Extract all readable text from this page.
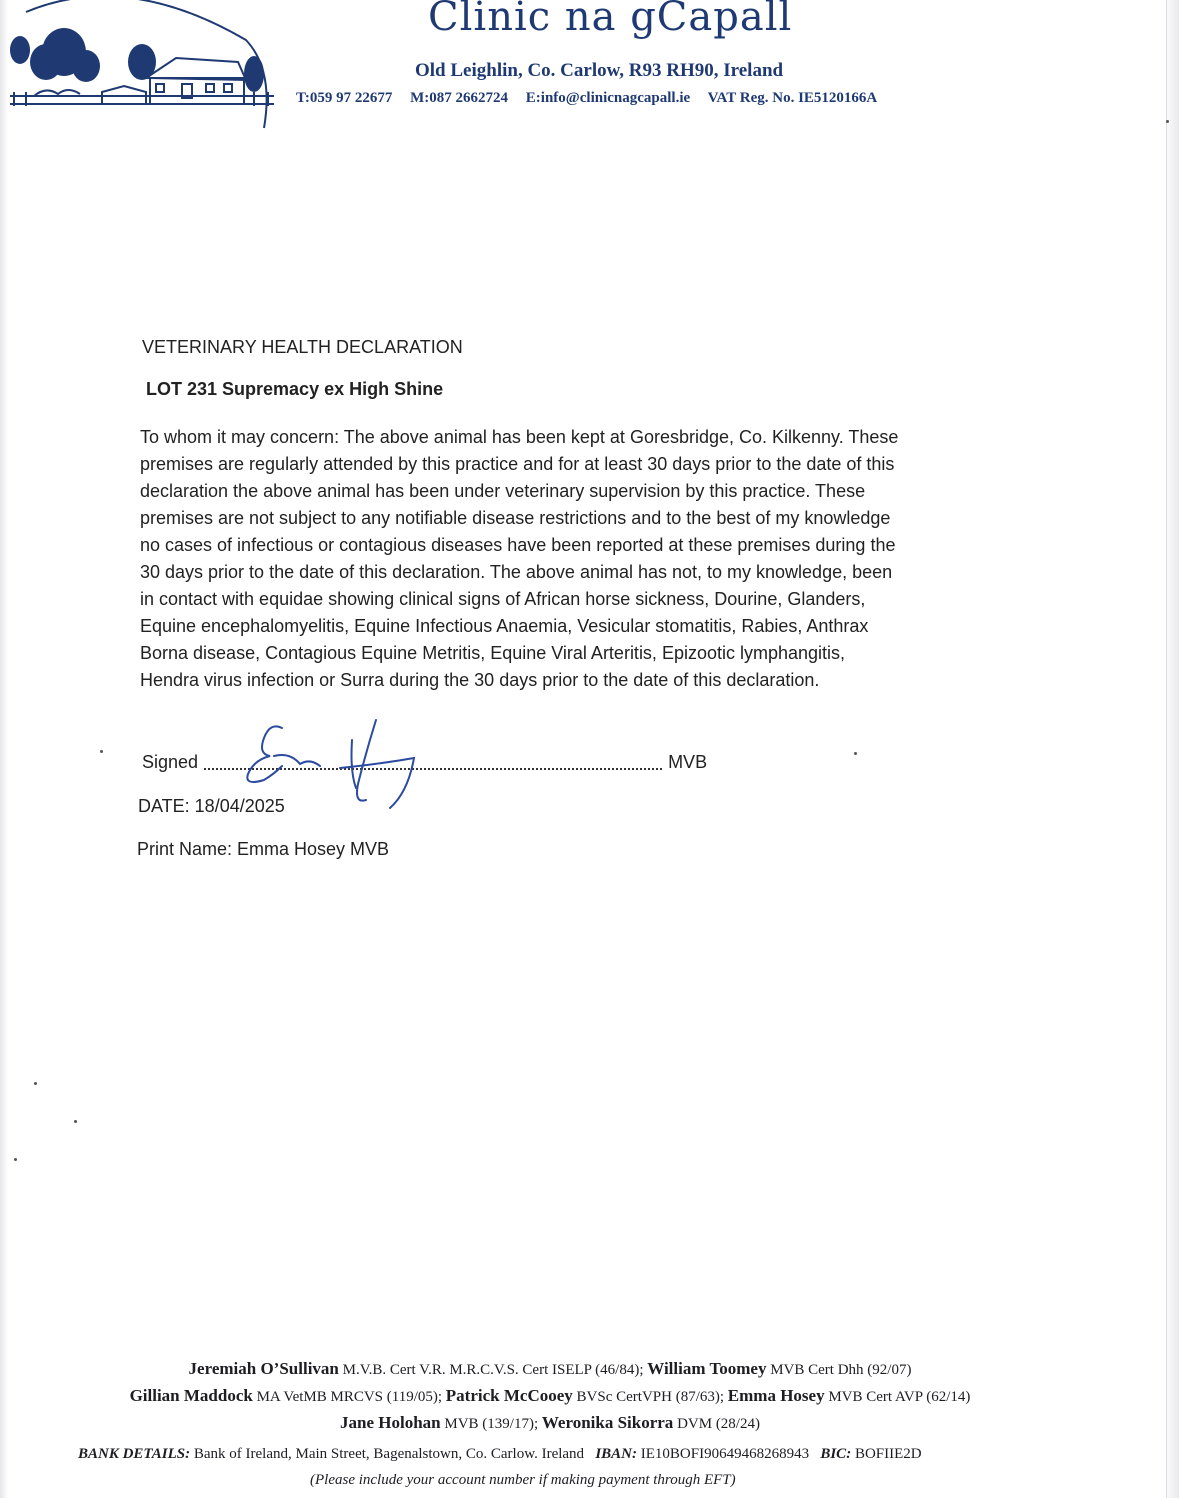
Clinic na gCapall
Old Leighlin, Co. Carlow, R93 RH90, Ireland
T:059 97 22677 M:087 2662724 E:info@clinicnagcapall.ie VAT Reg. No. IE5120166A
VETERINARY HEALTH DECLARATION
LOT 231 Supremacy ex High Shine
To whom it may concern: The above animal has been kept at Goresbridge, Co. Kilkenny. These
premises are regularly attended by this practice and for at least 30 days prior to the date of this
declaration the above animal has been under veterinary supervision by this practice. These
premises are not subject to any notifiable disease restrictions and to the best of my knowledge
no cases of infectious or contagious diseases have been reported at these premises during the
30 days prior to the date of this declaration. The above animal has not, to my knowledge, been
in contact with equidae showing clinical signs of African horse sickness, Dourine, Glanders,
Equine encephalomyelitis, Equine Infectious Anaemia, Vesicular stomatitis, Rabies, Anthrax
Borna disease, Contagious Equine Metritis, Equine Viral Arteritis, Epizootic lymphangitis,
Hendra virus infection or Surra during the 30 days prior to the date of this declaration.
Signed	MVB
DATE: 18/04/2025
Print Name: Emma Hosey MVB
Jeremiah O’Sullivan M.V.B. Cert V.R. M.R.C.V.S. Cert ISELP (46/84); William Toomey MVB Cert Dhh (92/07)
Gillian Maddock MA VetMB MRCVS (119/05); Patrick McCooey BVSc CertVPH (87/63); Emma Hosey MVB Cert AVP (62/14)
Jane Holohan MVB (139/17); Weronika Sikorra DVM (28/24)
BANK DETAILS: Bank of Ireland, Main Street, Bagenalstown, Co. Carlow. Ireland IBAN: IE10BOFI90649468268943 BIC: BOFIIE2D
(Please include your account number if making payment through EFT)
